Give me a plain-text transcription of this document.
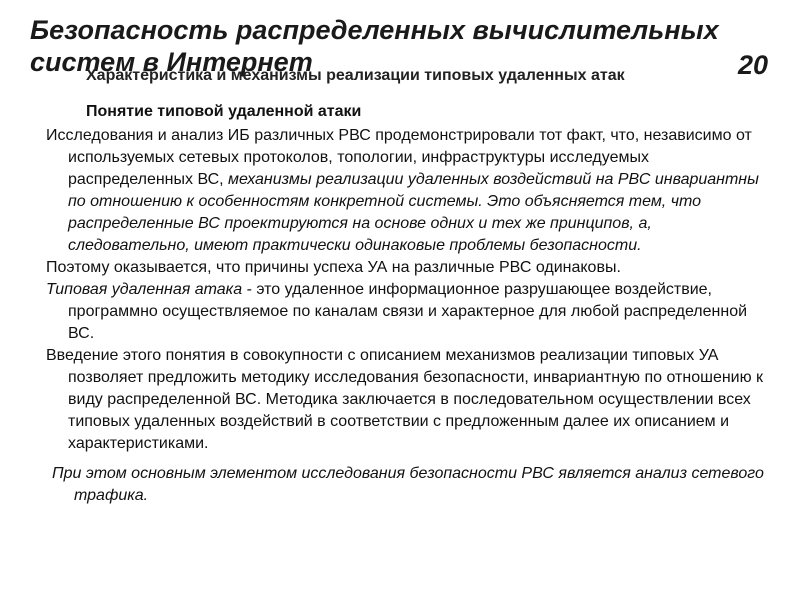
Безопасность распределенных вычислительных систем в Интернет	20
Характеристика и механизмы реализации типовых удаленных атак
Понятие типовой удаленной атаки

Исследования и анализ ИБ различных РВС продемонстрировали тот факт, что, независимо от используемых сетевых протоколов, топологии, инфраструктуры исследуемых распределенных ВС, механизмы реализации удаленных воздействий на РВС инвариантны по отношению к особенностям конкретной системы. Это объясняется тем, что распределенные ВС проектируются на основе одних и тех же принципов, а, следовательно, имеют практически одинаковые проблемы безопасности.

Поэтому оказывается, что причины успеха УА на различные РВС одинаковы.

Типовая удаленная атака - это удаленное информационное разрушающее воздействие, программно осуществляемое по каналам связи и характерное для любой распределенной ВС.

Введение этого понятия в совокупности с описанием механизмов реализации типовых УА позволяет предложить методику исследования безопасности, инвариантную по отношению к виду распределенной ВС. Методика заключается в последовательном осуществлении всех типовых удаленных воздействий в соответствии с предложенным далее их описанием и характеристиками.

При этом основным элементом исследования безопасности РВС является анализ сетевого трафика.
